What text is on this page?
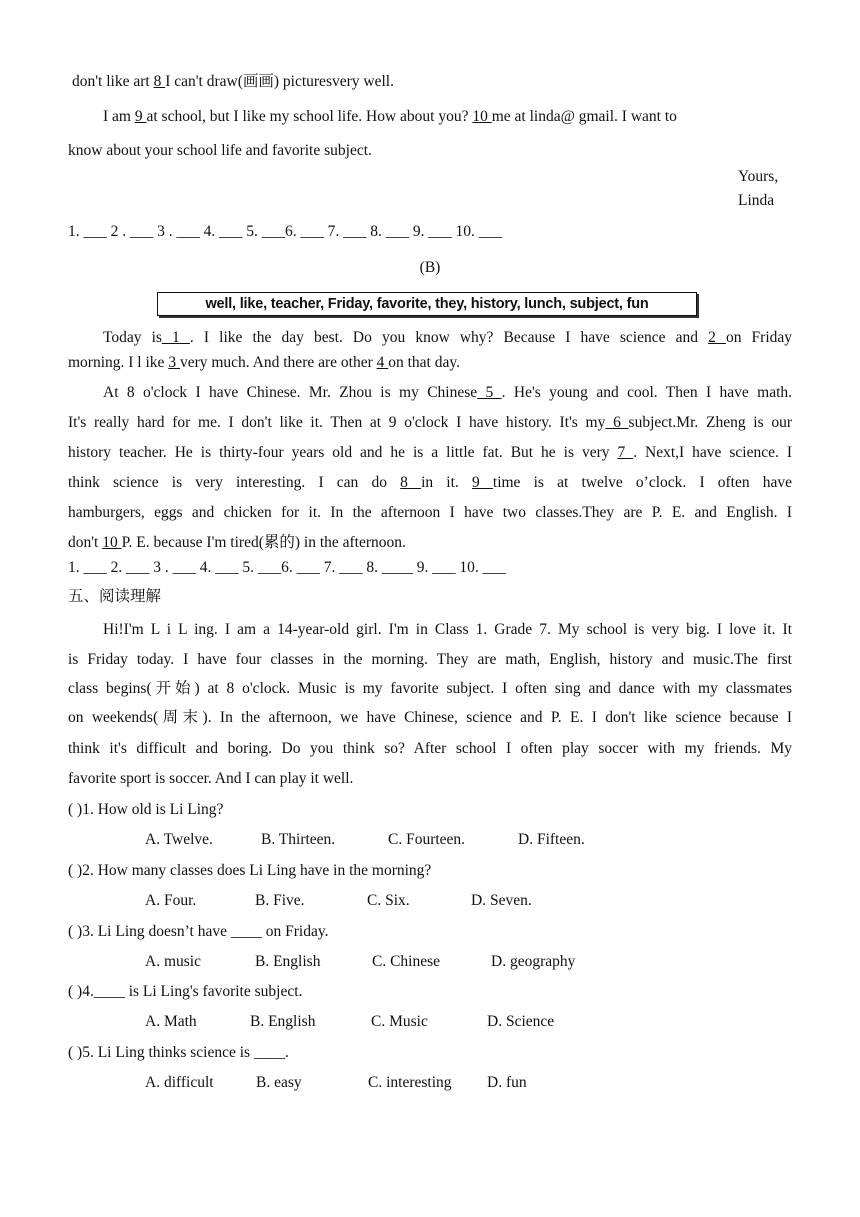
don't like art 8 I can't draw(画画) picturesvery well.
I am 9 at school, but I like my school life. How about you? 10 me at linda@ gmail. I want to
know about your school life and favorite subject.
Yours,
Linda
1. ___ 2 . ___ 3 . ___ 4. ___ 5. ___6. ___ 7. ___ 8. ___ 9. ___ 10. ___
(B)
well, like, teacher, Friday, favorite, they, history, lunch, subject, fun
Today is 1 . I like the day best. Do you know why? Because I have science and 2 on Friday
morning. I l ike 3 very much. And there are other 4 on that day.
At 8 o'clock I have Chinese. Mr. Zhou is my Chinese 5 . He's young and cool. Then I have math.
It's really hard for me. I don't like it. Then at 9 o'clock I have history. It's my 6 subject.Mr. Zheng is our
history teacher. He is thirty-four years old and he is a little fat. But he is very 7 . Next,I have science. I
think science is very interesting. I can do 8 in it. 9 time is at twelve o’clock. I often have
hamburgers, eggs and chicken for it. In the afternoon I have two classes.They are P. E. and English. I
don't 10 P. E. because I'm tired(累的) in the afternoon.
1. ___ 2. ___ 3 . ___ 4. ___ 5. ___6. ___ 7. ___ 8. ____ 9. ___ 10. ___
五、阅读理解
Hi!I'm L i L ing. I am a 14-year-old girl. I'm in Class 1. Grade 7. My school is very big. I love it. It
is Friday today. I have four classes in the morning. They are math, English, history and music.The first
class begins(开始) at 8 o'clock. Music is my favorite subject. I often sing and dance with my classmates
on weekends(周末). In the afternoon, we have Chinese, science and P. E. I don't like science because I
think it's difficult and boring. Do you think so? After school I often play soccer with my friends. My
favorite sport is soccer. And I can play it well.
( )1. How old is Li Ling?
A. Twelve.	B. Thirteen.	C. Fourteen.	D. Fifteen.
( )2. How many classes does Li Ling have in the morning?
A. Four.	B. Five.	C. Six.	D. Seven.
( )3. Li Ling doesn’t have ____ on Friday.
A. music	B. English	C. Chinese	D. geography
( )4.____ is Li Ling's favorite subject.
A. Math	B. English	C. Music	D. Science
( )5. Li Ling thinks science is ____.
A. difficult	B. easy	C. interesting D. fun
